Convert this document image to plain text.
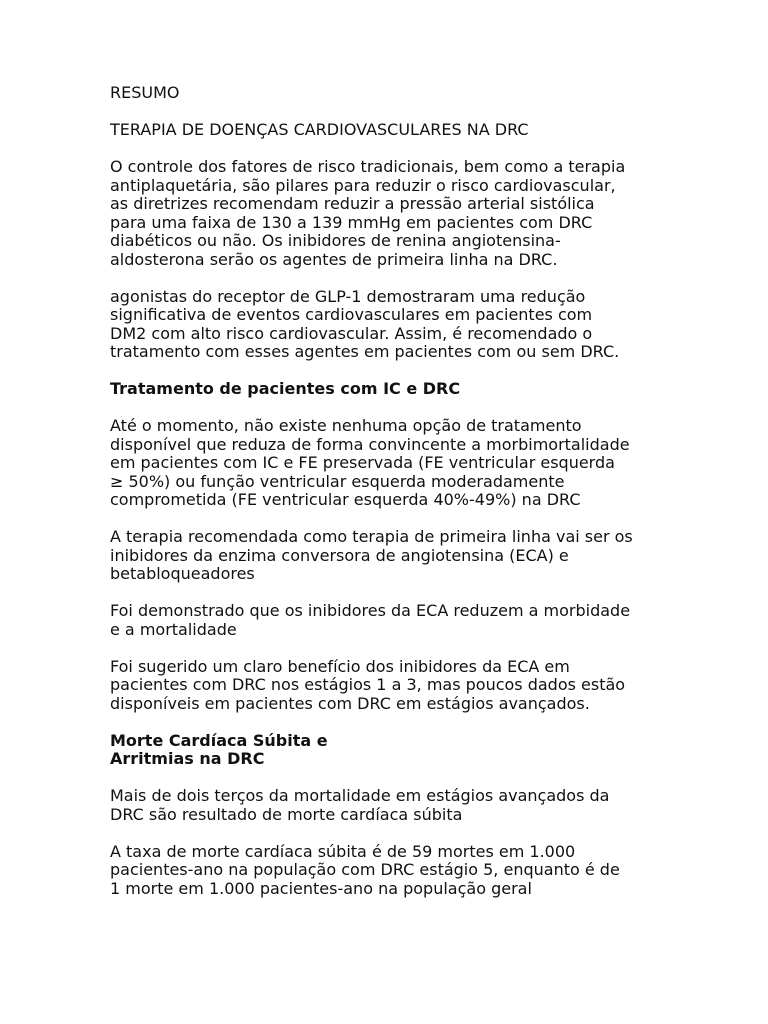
RESUMO

TERAPIA DE DOENÇAS CARDIOVASCULARES NA DRC

O controle dos fatores de risco tradicionais, bem como a terapia
antiplaquetária, são pilares para reduzir o risco cardiovascular,
as diretrizes recomendam reduzir a pressão arterial sistólica
para uma faixa de 130 a 139 mmHg em pacientes com DRC
diabéticos ou não. Os inibidores de renina angiotensina-
aldosterona serão os agentes de primeira linha na DRC.

agonistas do receptor de GLP-1 demostraram uma redução
significativa de eventos cardiovasculares em pacientes com
DM2 com alto risco cardiovascular. Assim, é recomendado o
tratamento com esses agentes em pacientes com ou sem DRC.

Tratamento de pacientes com IC e DRC

Até o momento, não existe nenhuma opção de tratamento
disponível que reduza de forma convincente a morbimortalidade
em pacientes com IC e FE preservada (FE ventricular esquerda
≥ 50%) ou função ventricular esquerda moderadamente
comprometida (FE ventricular esquerda 40%-49%) na DRC

A terapia recomendada como terapia de primeira linha vai ser os
inibidores da enzima conversora de angiotensina (ECA) e
betabloqueadores

Foi demonstrado que os inibidores da ECA reduzem a morbidade
e a mortalidade

Foi sugerido um claro benefício dos inibidores da ECA em
pacientes com DRC nos estágios 1 a 3, mas poucos dados estão
disponíveis em pacientes com DRC em estágios avançados.

Morte Cardíaca Súbita e
Arritmias na DRC

Mais de dois terços da mortalidade em estágios avançados da
DRC são resultado de morte cardíaca súbita

A taxa de morte cardíaca súbita é de 59 mortes em 1.000
pacientes-ano na população com DRC estágio 5, enquanto é de
1 morte em 1.000 pacientes-ano na população geral
